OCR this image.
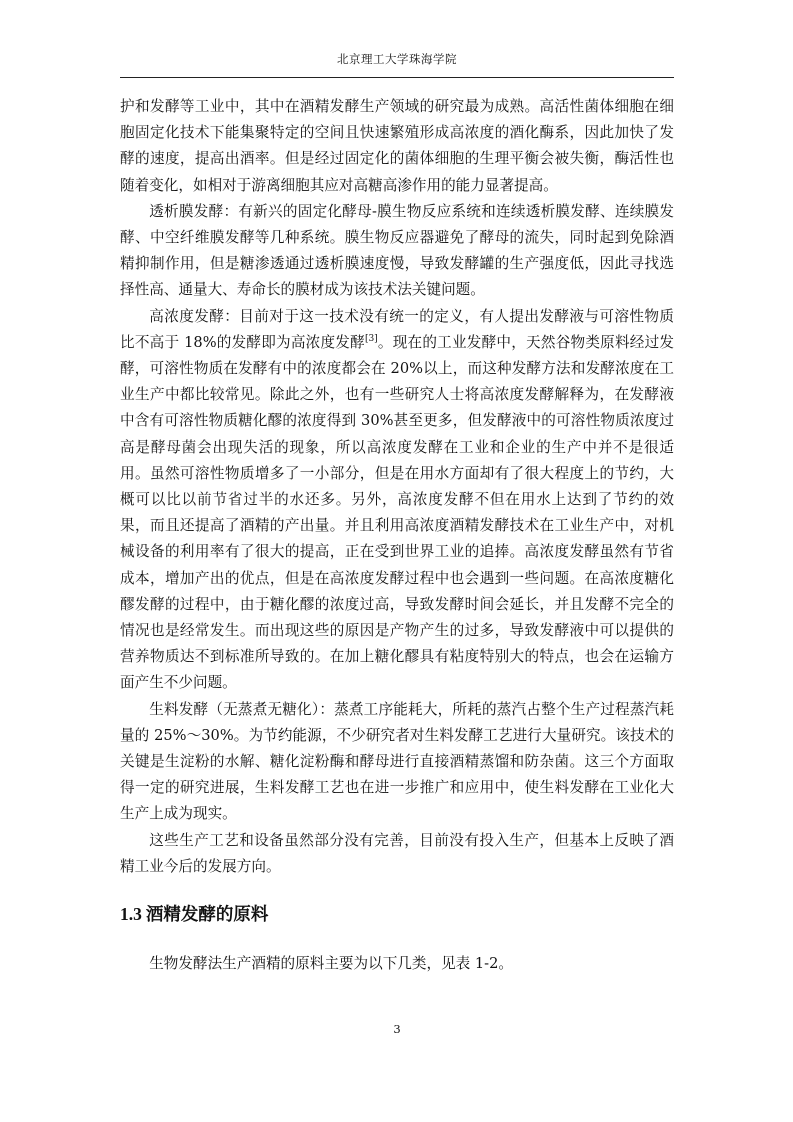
北京理工大学珠海学院

护和发酵等工业中，其中在酒精发酵生产领域的研究最为成熟。高活性菌体细胞在细胞固定化技术下能集聚特定的空间且快速繁殖形成高浓度的酒化酶系，因此加快了发酵的速度，提高出酒率。但是经过固定化的菌体细胞的生理平衡会被失衡，酶活性也随着变化，如相对于游离细胞其应对高糖高渗作用的能力显著提高。

透析膜发酵：有新兴的固定化酵母-膜生物反应系统和连续透析膜发酵、连续膜发酵、中空纤维膜发酵等几种系统。膜生物反应器避免了酵母的流失，同时起到免除酒精抑制作用，但是糖渗透通过透析膜速度慢，导致发酵罐的生产强度低，因此寻找选择性高、通量大、寿命长的膜材成为该技术法关键问题。

高浓度发酵：目前对于这一技术没有统一的定义，有人提出发酵液与可溶性物质比不高于 18%的发酵即为高浓度发酵[3]。现在的工业发酵中，天然谷物类原料经过发酵，可溶性物质在发酵有中的浓度都会在 20%以上，而这种发酵方法和发酵浓度在工业生产中都比较常见。除此之外，也有一些研究人士将高浓度发酵解释为，在发酵液中含有可溶性物质糖化醪的浓度得到 30%甚至更多，但发酵液中的可溶性物质浓度过高是酵母菌会出现失活的现象，所以高浓度发酵在工业和企业的生产中并不是很适用。虽然可溶性物质增多了一小部分，但是在用水方面却有了很大程度上的节约，大概可以比以前节省过半的水还多。另外，高浓度发酵不但在用水上达到了节约的效果，而且还提高了酒精的产出量。并且利用高浓度酒精发酵技术在工业生产中，对机械设备的利用率有了很大的提高，正在受到世界工业的追捧。高浓度发酵虽然有节省成本，增加产出的优点，但是在高浓度发酵过程中也会遇到一些问题。在高浓度糖化醪发酵的过程中，由于糖化醪的浓度过高，导致发酵时间会延长，并且发酵不完全的情况也是经常发生。而出现这些的原因是产物产生的过多，导致发酵液中可以提供的营养物质达不到标准所导致的。在加上糖化醪具有粘度特别大的特点，也会在运输方面产生不少问题。

生料发酵（无蒸煮无糖化）：蒸煮工序能耗大，所耗的蒸汽占整个生产过程蒸汽耗量的 25%～30%。为节约能源，不少研究者对生料发酵工艺进行大量研究。该技术的关键是生淀粉的水解、糖化淀粉酶和酵母进行直接酒精蒸馏和防杂菌。这三个方面取得一定的研究进展，生料发酵工艺也在进一步推广和应用中，使生料发酵在工业化大生产上成为现实。

这些生产工艺和设备虽然部分没有完善，目前没有投入生产，但基本上反映了酒精工业今后的发展方向。

1.3 酒精发酵的原料
生物发酵法生产酒精的原料主要为以下几类，见表 1-2。
3
